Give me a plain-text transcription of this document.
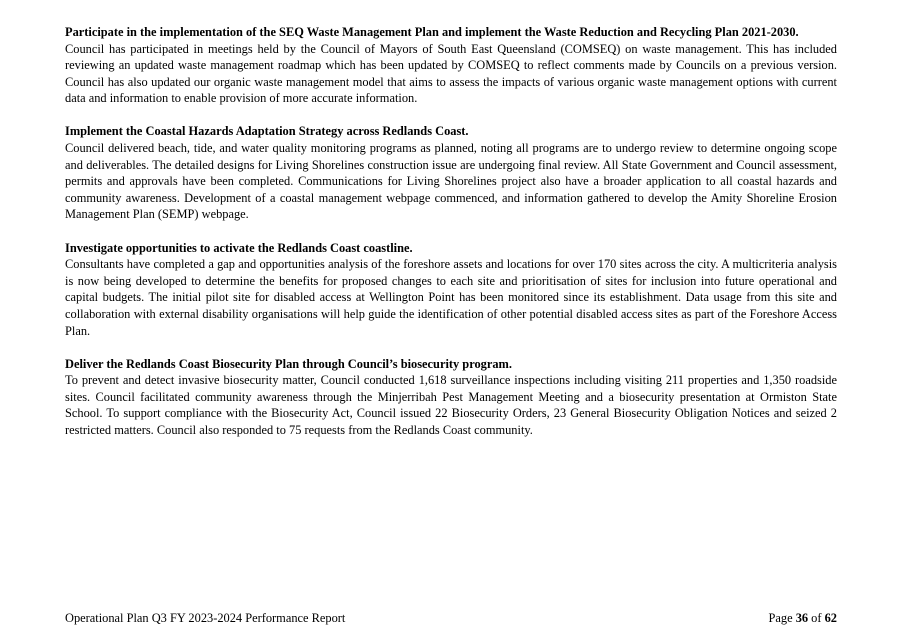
Participate in the implementation of the SEQ Waste Management Plan and implement the Waste Reduction and Recycling Plan 2021-2030.

Council has participated in meetings held by the Council of Mayors of South East Queensland (COMSEQ) on waste management. This has included reviewing an updated waste management roadmap which has been updated by COMSEQ to reflect comments made by Councils on a previous version. Council has also updated our organic waste management model that aims to assess the impacts of various organic waste management options with current data and information to enable provision of more accurate information.

Implement the Coastal Hazards Adaptation Strategy across Redlands Coast.

Council delivered beach, tide, and water quality monitoring programs as planned, noting all programs are to undergo review to determine ongoing scope and deliverables. The detailed designs for Living Shorelines construction issue are undergoing final review. All State Government and Council assessment, permits and approvals have been completed. Communications for Living Shorelines project also have a broader application to all coastal hazards and community awareness. Development of a coastal management webpage commenced, and information gathered to develop the Amity Shoreline Erosion Management Plan (SEMP) webpage.

Investigate opportunities to activate the Redlands Coast coastline.

Consultants have completed a gap and opportunities analysis of the foreshore assets and locations for over 170 sites across the city. A multicriteria analysis is now being developed to determine the benefits for proposed changes to each site and prioritisation of sites for inclusion into future operational and capital budgets. The initial pilot site for disabled access at Wellington Point has been monitored since its establishment. Data usage from this site and collaboration with external disability organisations will help guide the identification of other potential disabled access sites as part of the Foreshore Access Plan.

Deliver the Redlands Coast Biosecurity Plan through Council’s biosecurity program.

To prevent and detect invasive biosecurity matter, Council conducted 1,618 surveillance inspections including visiting 211 properties and 1,350 roadside sites. Council facilitated community awareness through the Minjerribah Pest Management Meeting and a biosecurity presentation at Ormiston State School. To support compliance with the Biosecurity Act, Council issued 22 Biosecurity Orders, 23 General Biosecurity Obligation Notices and seized 2 restricted matters. Council also responded to 75 requests from the Redlands Coast community.

Operational Plan Q3 FY 2023-2024 Performance Report	Page 36 of 62
